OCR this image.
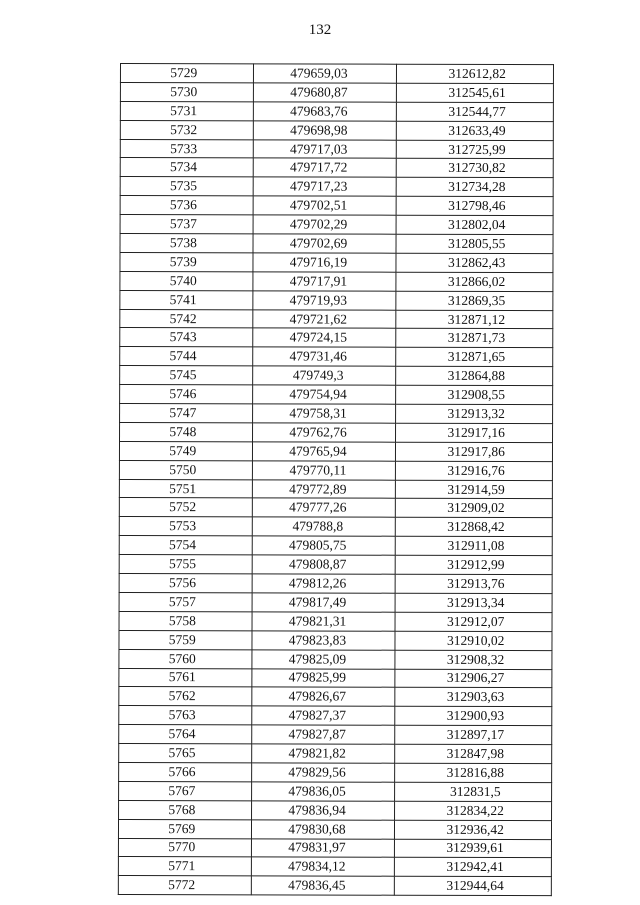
132
5729	479659,03	312612,82
5730	479680,87	312545,61
5731	479683,76	312544,77
5732	479698,98	312633,49
5733	479717,03	312725,99
5734	479717,72	312730,82
5735	479717,23	312734,28
5736	479702,51	312798,46
5737	479702,29	312802,04
5738	479702,69	312805,55
5739	479716,19	312862,43
5740	479717,91	312866,02
5741	479719,93	312869,35
5742	479721,62	312871,12
5743	479724,15	312871,73
5744	479731,46	312871,65
5745	479749,3	312864,88
5746	479754,94	312908,55
5747	479758,31	312913,32
5748	479762,76	312917,16
5749	479765,94	312917,86
5750	479770,11	312916,76
5751	479772,89	312914,59
5752	479777,26	312909,02
5753	479788,8	312868,42
5754	479805,75	312911,08
5755	479808,87	312912,99
5756	479812,26	312913,76
5757	479817,49	312913,34
5758	479821,31	312912,07
5759	479823,83	312910,02
5760	479825,09	312908,32
5761	479825,99	312906,27
5762	479826,67	312903,63
5763	479827,37	312900,93
5764	479827,87	312897,17
5765	479821,82	312847,98
5766	479829,56	312816,88
5767	479836,05	312831,5
5768	479836,94	312834,22
5769	479830,68	312936,42
5770	479831,97	312939,61
5771	479834,12	312942,41
5772	479836,45	312944,64
